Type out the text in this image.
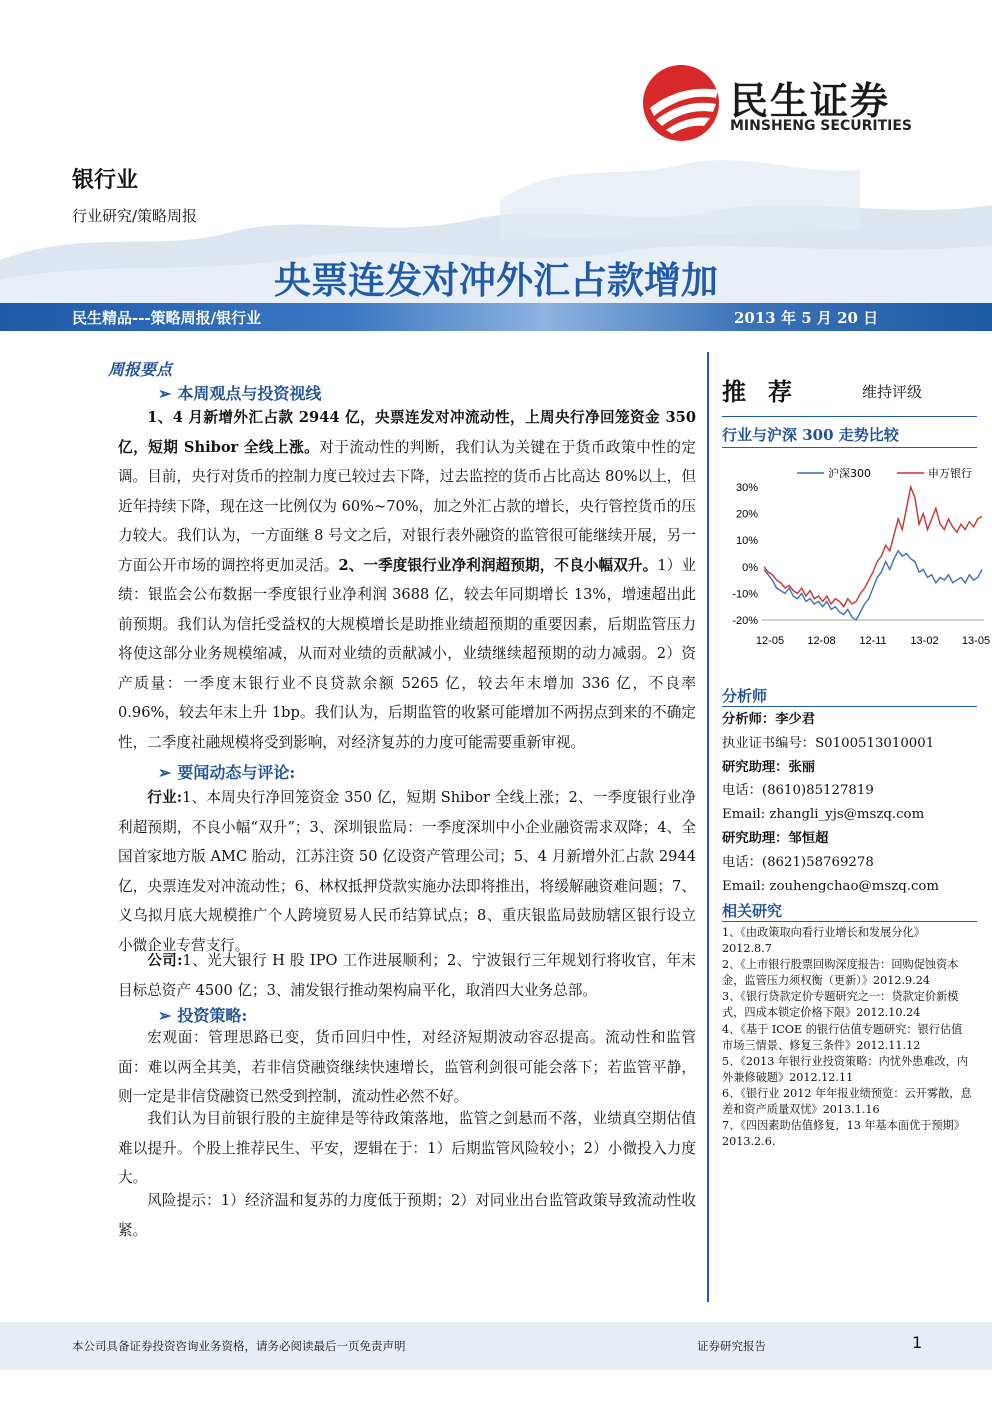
民生证券
MINSHENG SECURITIES
银行业
行业研究/策略周报
央票连发对冲外汇占款增加
民生精品---策略周报/银行业	2013 年 5 月 20 日
周报要点
➢ 本周观点与投资视线
1、4 月新增外汇占款 2944 亿，央票连发对冲流动性，上周央行净回笼资金 350 亿，短期 Shibor 全线上涨。对于流动性的判断，我们认为关键在于货币政策中性的定调。目前，央行对货币的控制力度已较过去下降，过去监控的货币占比高达 80%以上，但近年持续下降，现在这一比例仅为 60%~70%，加之外汇占款的增长，央行管控货币的压力较大。我们认为，一方面继 8 号文之后，对银行表外融资的监管很可能继续开展，另一方面公开市场的调控将更加灵活。2、一季度银行业净利润超预期，不良小幅双升。1）业绩：银监会公布数据一季度银行业净利润 3688 亿，较去年同期增长 13%，增速超出此前预期。我们认为信托受益权的大规模增长是助推业绩超预期的重要因素，后期监管压力将使这部分业务规模缩减，从而对业绩的贡献减小，业绩继续超预期的动力减弱。2）资产质量：一季度末银行业不良贷款余额 5265 亿，较去年末增加 336 亿，不良率 0.96%，较去年末上升 1bp。我们认为，后期监管的收紧可能增加不两拐点到来的不确定性，二季度社融规模将受到影响，对经济复苏的力度可能需要重新审视。
➢ 要闻动态与评论:
行业:1、本周央行净回笼资金 350 亿，短期 Shibor 全线上涨；2、一季度银行业净利超预期，不良小幅“双升”；3、深圳银监局：一季度深圳中小企业融资需求双降；4、全国首家地方版 AMC 胎动，江苏注资 50 亿设资产管理公司；5、4 月新增外汇占款 2944 亿，央票连发对冲流动性；6、林权抵押贷款实施办法即将推出，将缓解融资难问题；7、义乌拟月底大规模推广个人跨境贸易人民币结算试点；8、重庆银监局鼓励辖区银行设立小微企业专营支行。
公司:1、光大银行 H 股 IPO 工作进展顺利；2、宁波银行三年规划行将收官，年末目标总资产 4500 亿；3、浦发银行推动架构扁平化，取消四大业务总部。
➢ 投资策略:
宏观面：管理思路已变，货币回归中性，对经济短期波动容忍提高。流动性和监管面：难以两全其美，若非信贷融资继续快速增长，监管利剑很可能会落下；若监管平静，则一定是非信贷融资已然受到控制，流动性必然不好。
我们认为目前银行股的主旋律是等待政策落地，监管之剑悬而不落，业绩真空期估值难以提升。个股上推荐民生、平安，逻辑在于：1）后期监管风险较小；2）小微投入力度大。
风险提示：1）经济温和复苏的力度低于预期；2）对同业出台监管政策导致流动性收紧。
推荐	维持评级
行业与沪深 300 走势比较
沪深300	申万银行
30%
20%
10%
0%
-10%
-20%
12-05 12-08 12-11 13-02 13-05
分析师
分析师：李少君
执业证书编号：S0100513010001
研究助理：张丽
电话：(8610)85127819
Email: zhangli_yjs@mszq.com
研究助理：邹恒超
电话：(8621)58769278
Email: zouhengchao@mszq.com
相关研究
1、《由政策取向看行业增长和发展分化》2012.8.7
2、《上市银行股票回购深度报告：回购促蚀资本金，监管压力须权衡（更新）》2012.9.24
3、《银行贷款定价专题研究之一：贷款定价新模式，四成本锁定价格下限》2012.10.24
4、《基于 ICOE 的银行估值专题研究：银行估值 市场三情景、修复三条件》2012.11.12
5、《2013 年银行业投资策略：内忧外患难改，内外兼修破题》2012.12.11
6、《银行业 2012 年年报业绩预览：云开雾散，息差和资产质量双忧》2013.1.16
7、《四因素助估值修复，13 年基本面优于预期》2013.2.6.
本公司具备证券投资咨询业务资格，请务必阅读最后一页免责声明	证券研究报告	1
